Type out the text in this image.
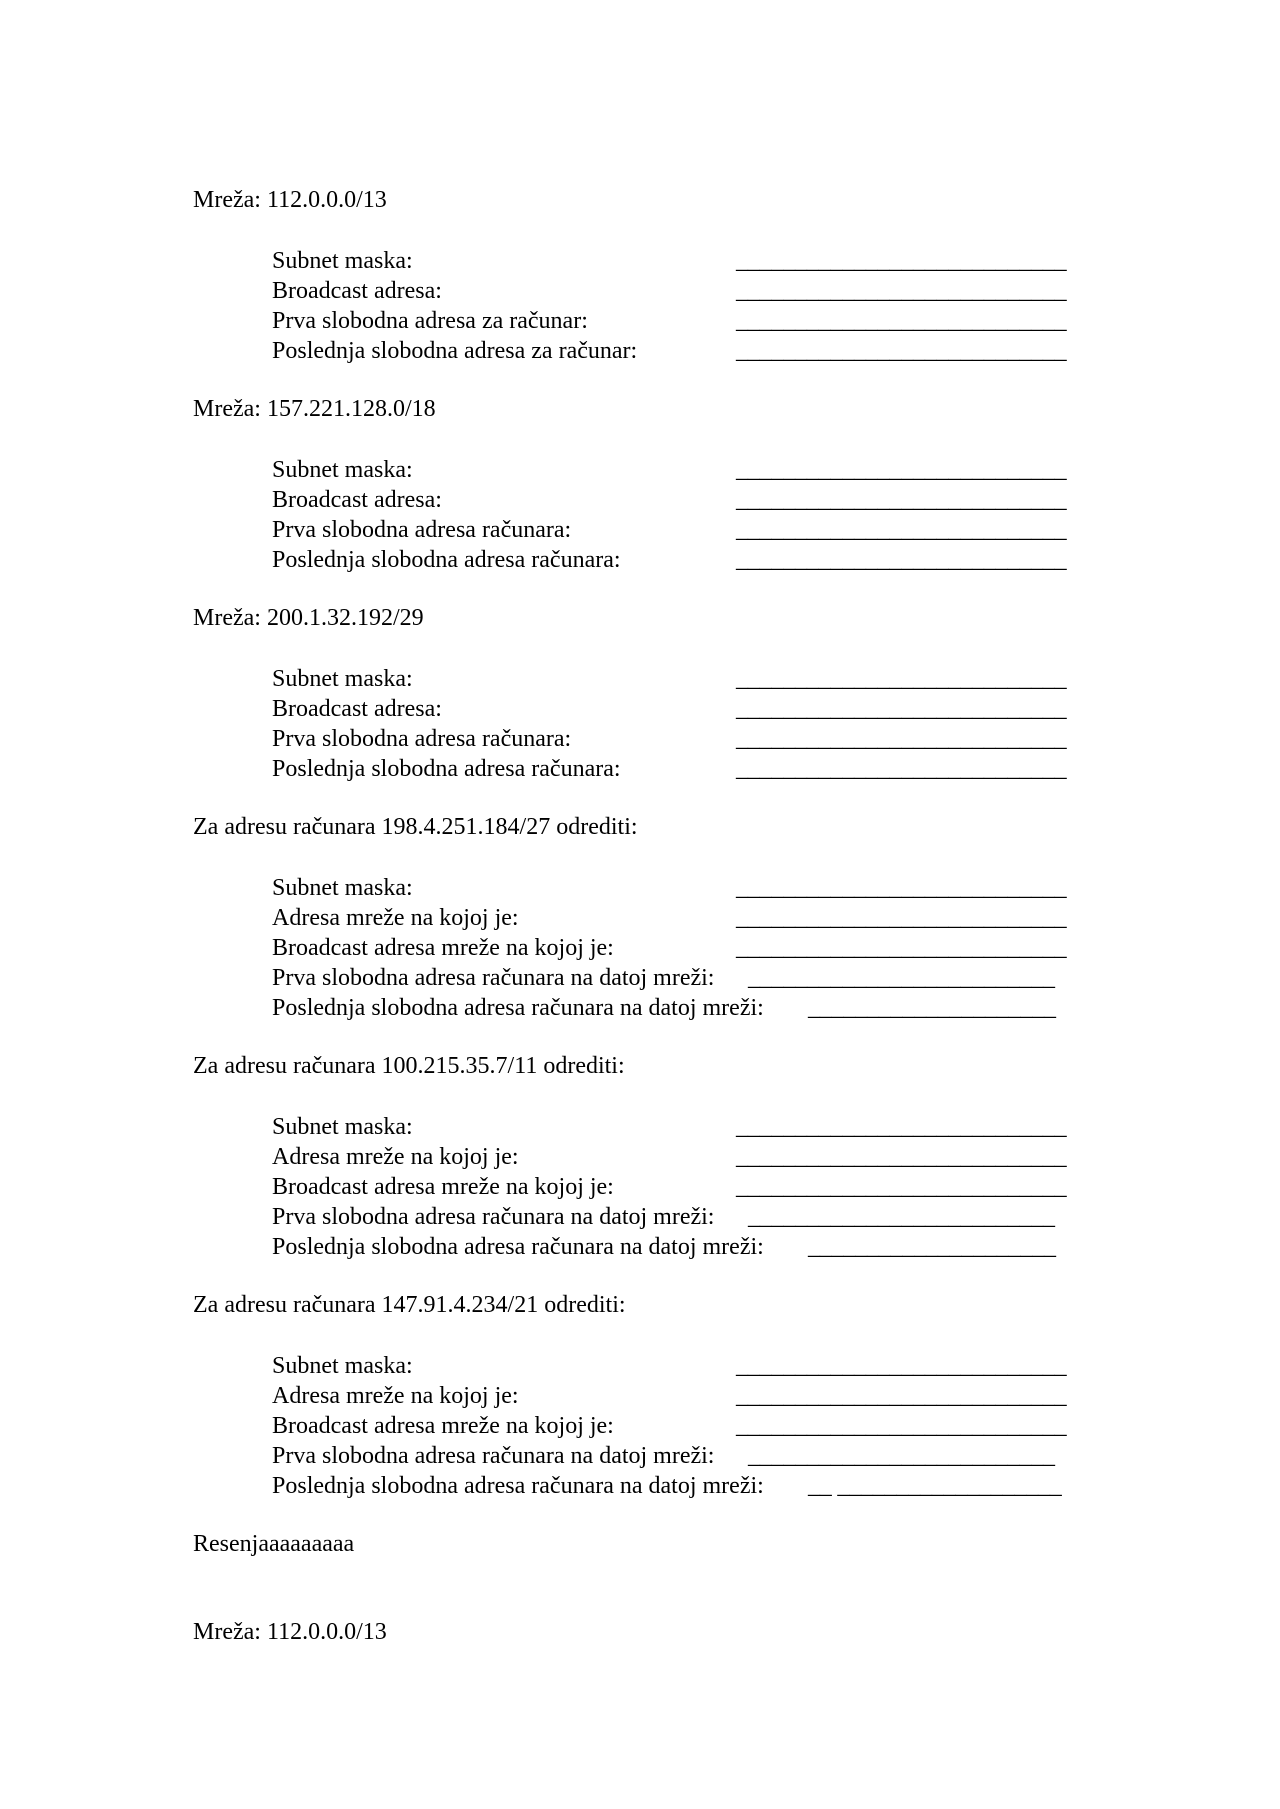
Mreža: 112.0.0.0/13
Subnet maska:	____________________________
Broadcast adresa:	____________________________
Prva slobodna adresa za računar:	____________________________
Poslednja slobodna adresa za računar:	____________________________
Mreža: 157.221.128.0/18
Subnet maska:	____________________________
Broadcast adresa:	____________________________
Prva slobodna adresa računara:	____________________________
Poslednja slobodna adresa računara:	____________________________
Mreža: 200.1.32.192/29
Subnet maska:	____________________________
Broadcast adresa:	____________________________
Prva slobodna adresa računara:	____________________________
Poslednja slobodna adresa računara:	____________________________
Za adresu računara 198.4.251.184/27 odrediti:
Subnet maska:	____________________________
Adresa mreže na kojoj je:	____________________________
Broadcast adresa mreže na kojoj je:	____________________________
Prva slobodna adresa računara na datoj mreži: __________________________
Poslednja slobodna adresa računara na datoj mreži: _____________________
Za adresu računara 100.215.35.7/11 odrediti:
Subnet maska:	____________________________
Adresa mreže na kojoj je:	____________________________
Broadcast adresa mreže na kojoj je:	____________________________
Prva slobodna adresa računara na datoj mreži: __________________________
Poslednja slobodna adresa računara na datoj mreži: _____________________
Za adresu računara 147.91.4.234/21 odrediti:
Subnet maska:	____________________________
Adresa mreže na kojoj je:	____________________________
Broadcast adresa mreže na kojoj je:	____________________________
Prva slobodna adresa računara na datoj mreži: __________________________
Poslednja slobodna adresa računara na datoj mreži: __ ___________________
Resenjaaaaaaaaa
Mreža: 112.0.0.0/13
